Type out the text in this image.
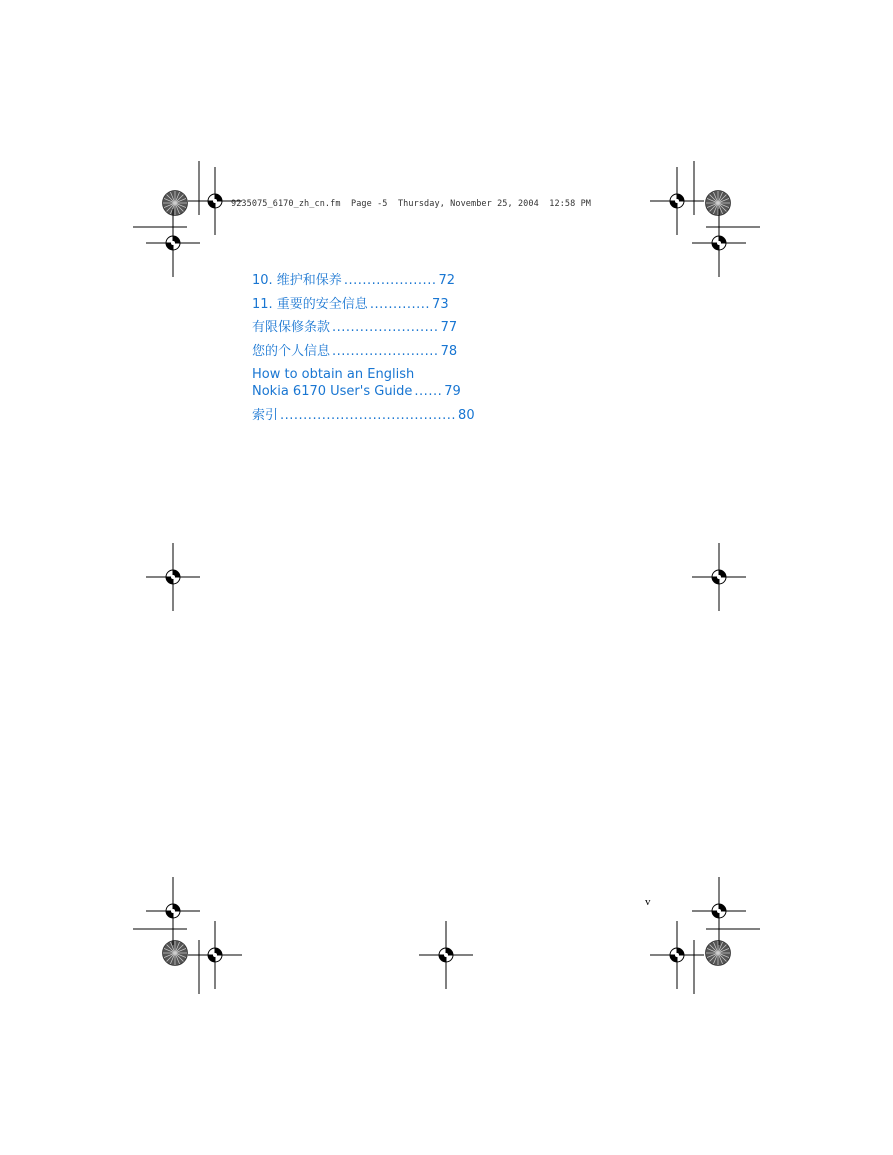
9235075_6170_zh_cn.fm  Page -5  Thursday, November 25, 2004  12:58 PM
10. 维护和保养 .................... 72
11. 重要的安全信息 ............. 73
有限保修条款 ....................... 77
您的个人信息 ....................... 78
How to obtain an English
Nokia 6170 User's Guide ...... 79
索引 ...................................... 80
v
